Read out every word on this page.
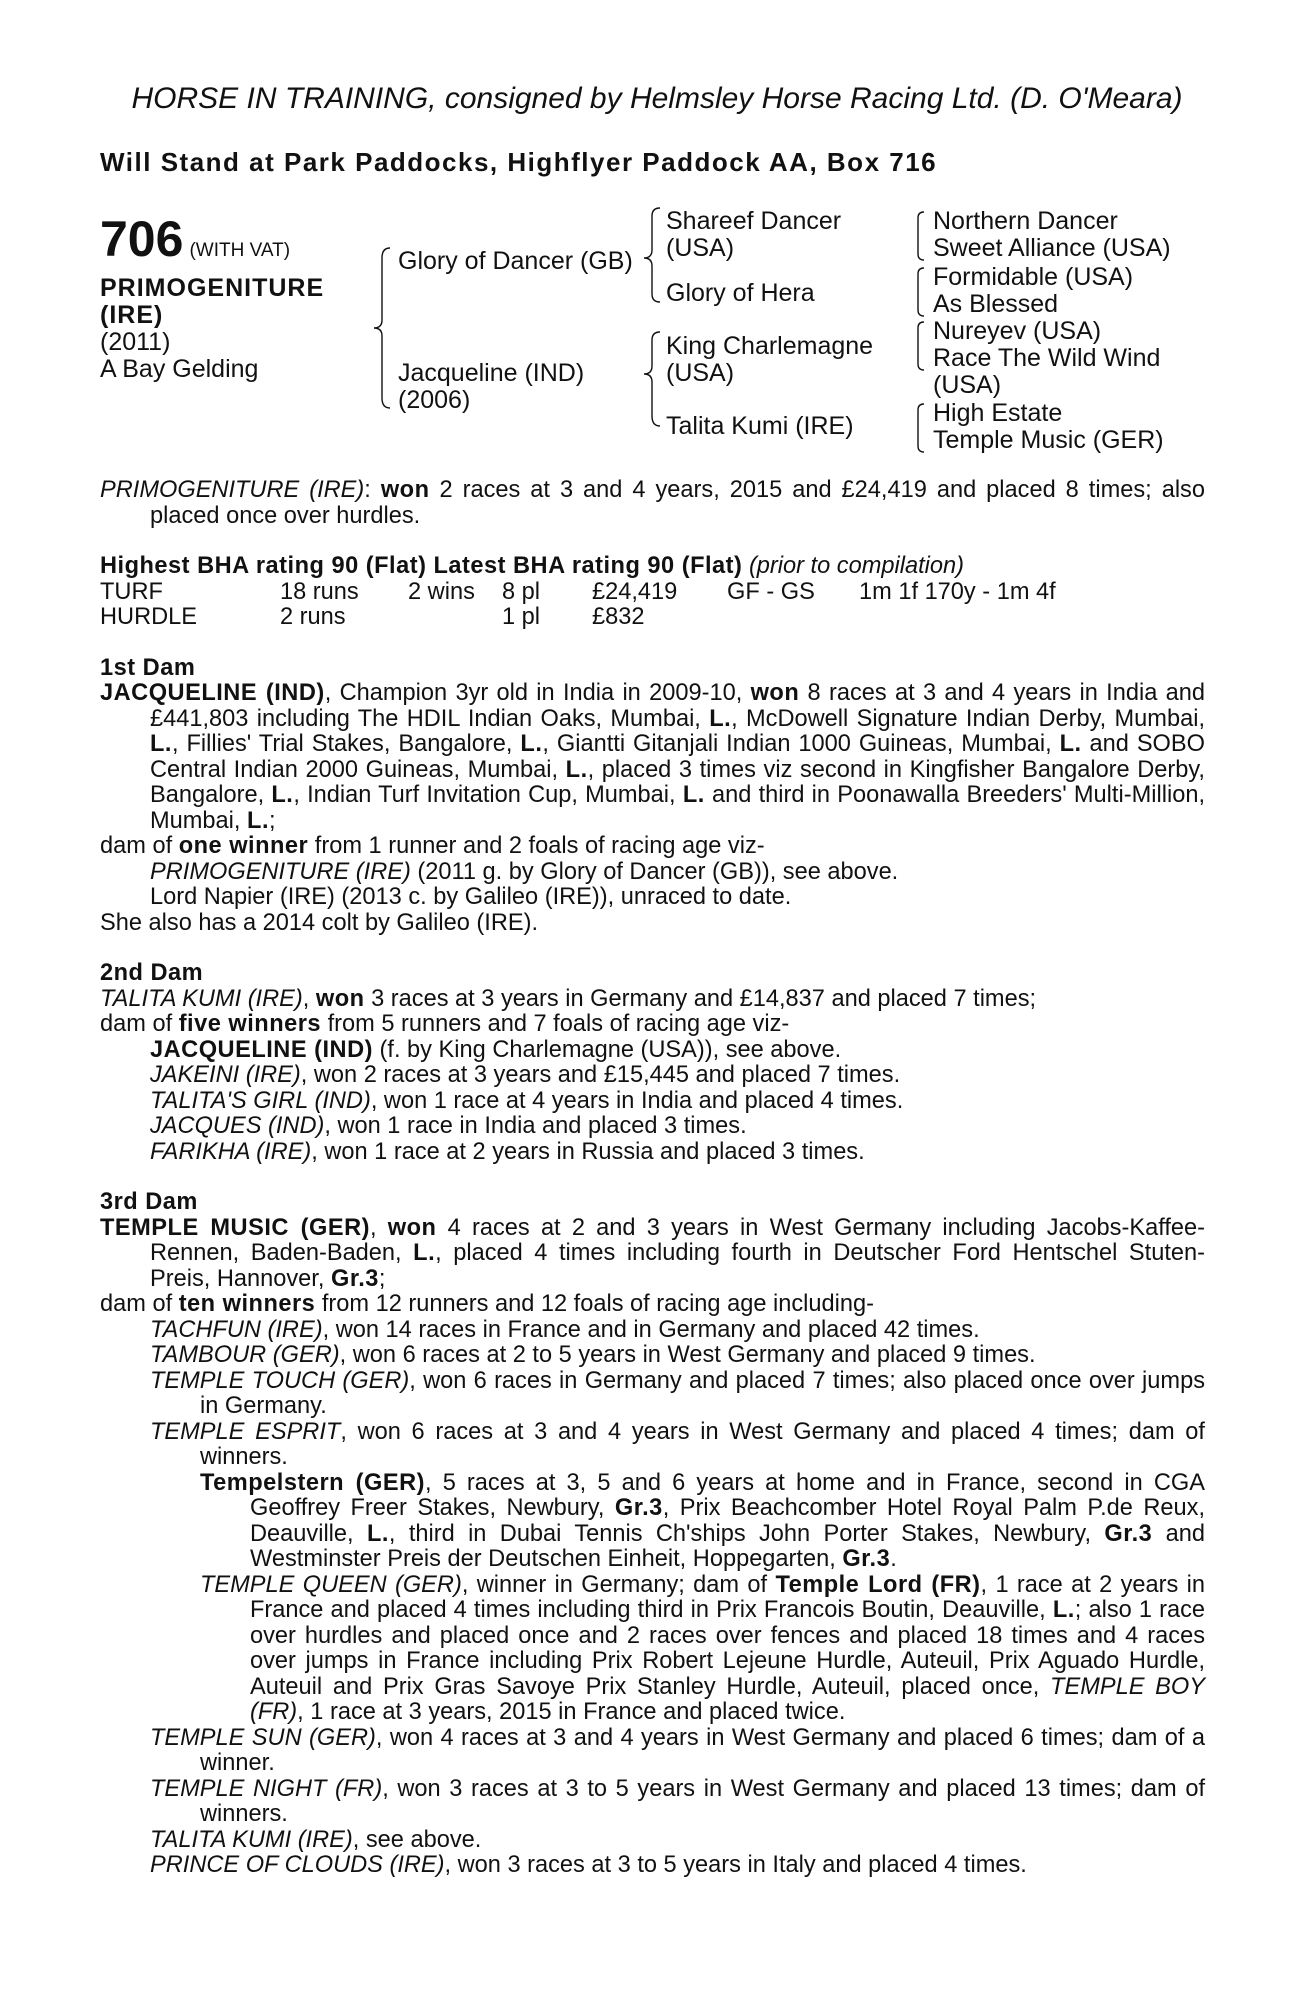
HORSE IN TRAINING, consigned by Helmsley Horse Racing Ltd. (D. O'Meara)
Will Stand at Park Paddocks, Highflyer Paddock AA, Box 716
706 (WITH VAT)
PRIMOGENITURE
(IRE)
(2011)
A Bay Gelding
Glory of Dancer (GB)
Jacqueline (IND)
(2006)
Shareef Dancer
(USA)
Glory of Hera
King Charlemagne
(USA)
Talita Kumi (IRE)
Northern Dancer
Sweet Alliance (USA)
Formidable (USA)
As Blessed
Nureyev (USA)
Race The Wild Wind
(USA)
High Estate
Temple Music (GER)

PRIMOGENITURE (IRE): won 2 races at 3 and 4 years, 2015 and £24,419 and placed 8 times; also placed once over hurdles.

Highest BHA rating 90 (Flat) Latest BHA rating 90 (Flat) (prior to compilation)

TURF	18 runs	2 wins	8 pl	£24,419	GF - GS	1m 1f 170y - 1m 4f
HURDLE	2 runs		1 pl	£832		

1st Dam

JACQUELINE (IND), Champion 3yr old in India in 2009-10, won 8 races at 3 and 4 years in India and £441,803 including The HDIL Indian Oaks, Mumbai, L., McDowell Signature Indian Derby, Mumbai, L., Fillies' Trial Stakes, Bangalore, L., Giantti Gitanjali Indian 1000 Guineas, Mumbai, L. and SOBO Central Indian 2000 Guineas, Mumbai, L., placed 3 times viz second in Kingfisher Bangalore Derby, Bangalore, L., Indian Turf Invitation Cup, Mumbai, L. and third in Poonawalla Breeders' Multi-Million, Mumbai, L.;

dam of one winner from 1 runner and 2 foals of racing age viz-

PRIMOGENITURE (IRE) (2011 g. by Glory of Dancer (GB)), see above.

Lord Napier (IRE) (2013 c. by Galileo (IRE)), unraced to date.

She also has a 2014 colt by Galileo (IRE).

2nd Dam

TALITA KUMI (IRE), won 3 races at 3 years in Germany and £14,837 and placed 7 times;

dam of five winners from 5 runners and 7 foals of racing age viz-

JACQUELINE (IND) (f. by King Charlemagne (USA)), see above.

JAKEINI (IRE), won 2 races at 3 years and £15,445 and placed 7 times.

TALITA'S GIRL (IND), won 1 race at 4 years in India and placed 4 times.

JACQUES (IND), won 1 race in India and placed 3 times.

FARIKHA (IRE), won 1 race at 2 years in Russia and placed 3 times.

3rd Dam

TEMPLE MUSIC (GER), won 4 races at 2 and 3 years in West Germany including Jacobs-Kaffee-Rennen, Baden-Baden, L., placed 4 times including fourth in Deutscher Ford Hentschel Stuten-Preis, Hannover, Gr.3;

dam of ten winners from 12 runners and 12 foals of racing age including-

TACHFUN (IRE), won 14 races in France and in Germany and placed 42 times.

TAMBOUR (GER), won 6 races at 2 to 5 years in West Germany and placed 9 times.

TEMPLE TOUCH (GER), won 6 races in Germany and placed 7 times; also placed once over jumps in Germany.

TEMPLE ESPRIT, won 6 races at 3 and 4 years in West Germany and placed 4 times; dam of winners.

Tempelstern (GER), 5 races at 3, 5 and 6 years at home and in France, second in CGA Geoffrey Freer Stakes, Newbury, Gr.3, Prix Beachcomber Hotel Royal Palm P.de Reux, Deauville, L., third in Dubai Tennis Ch'ships John Porter Stakes, Newbury, Gr.3 and Westminster Preis der Deutschen Einheit, Hoppegarten, Gr.3.

TEMPLE QUEEN (GER), winner in Germany; dam of Temple Lord (FR), 1 race at 2 years in France and placed 4 times including third in Prix Francois Boutin, Deauville, L.; also 1 race over hurdles and placed once and 2 races over fences and placed 18 times and 4 races over jumps in France including Prix Robert Lejeune Hurdle, Auteuil, Prix Aguado Hurdle, Auteuil and Prix Gras Savoye Prix Stanley Hurdle, Auteuil, placed once, TEMPLE BOY (FR), 1 race at 3 years, 2015 in France and placed twice.

TEMPLE SUN (GER), won 4 races at 3 and 4 years in West Germany and placed 6 times; dam of a winner.

TEMPLE NIGHT (FR), won 3 races at 3 to 5 years in West Germany and placed 13 times; dam of winners.

TALITA KUMI (IRE), see above.

PRINCE OF CLOUDS (IRE), won 3 races at 3 to 5 years in Italy and placed 4 times.
